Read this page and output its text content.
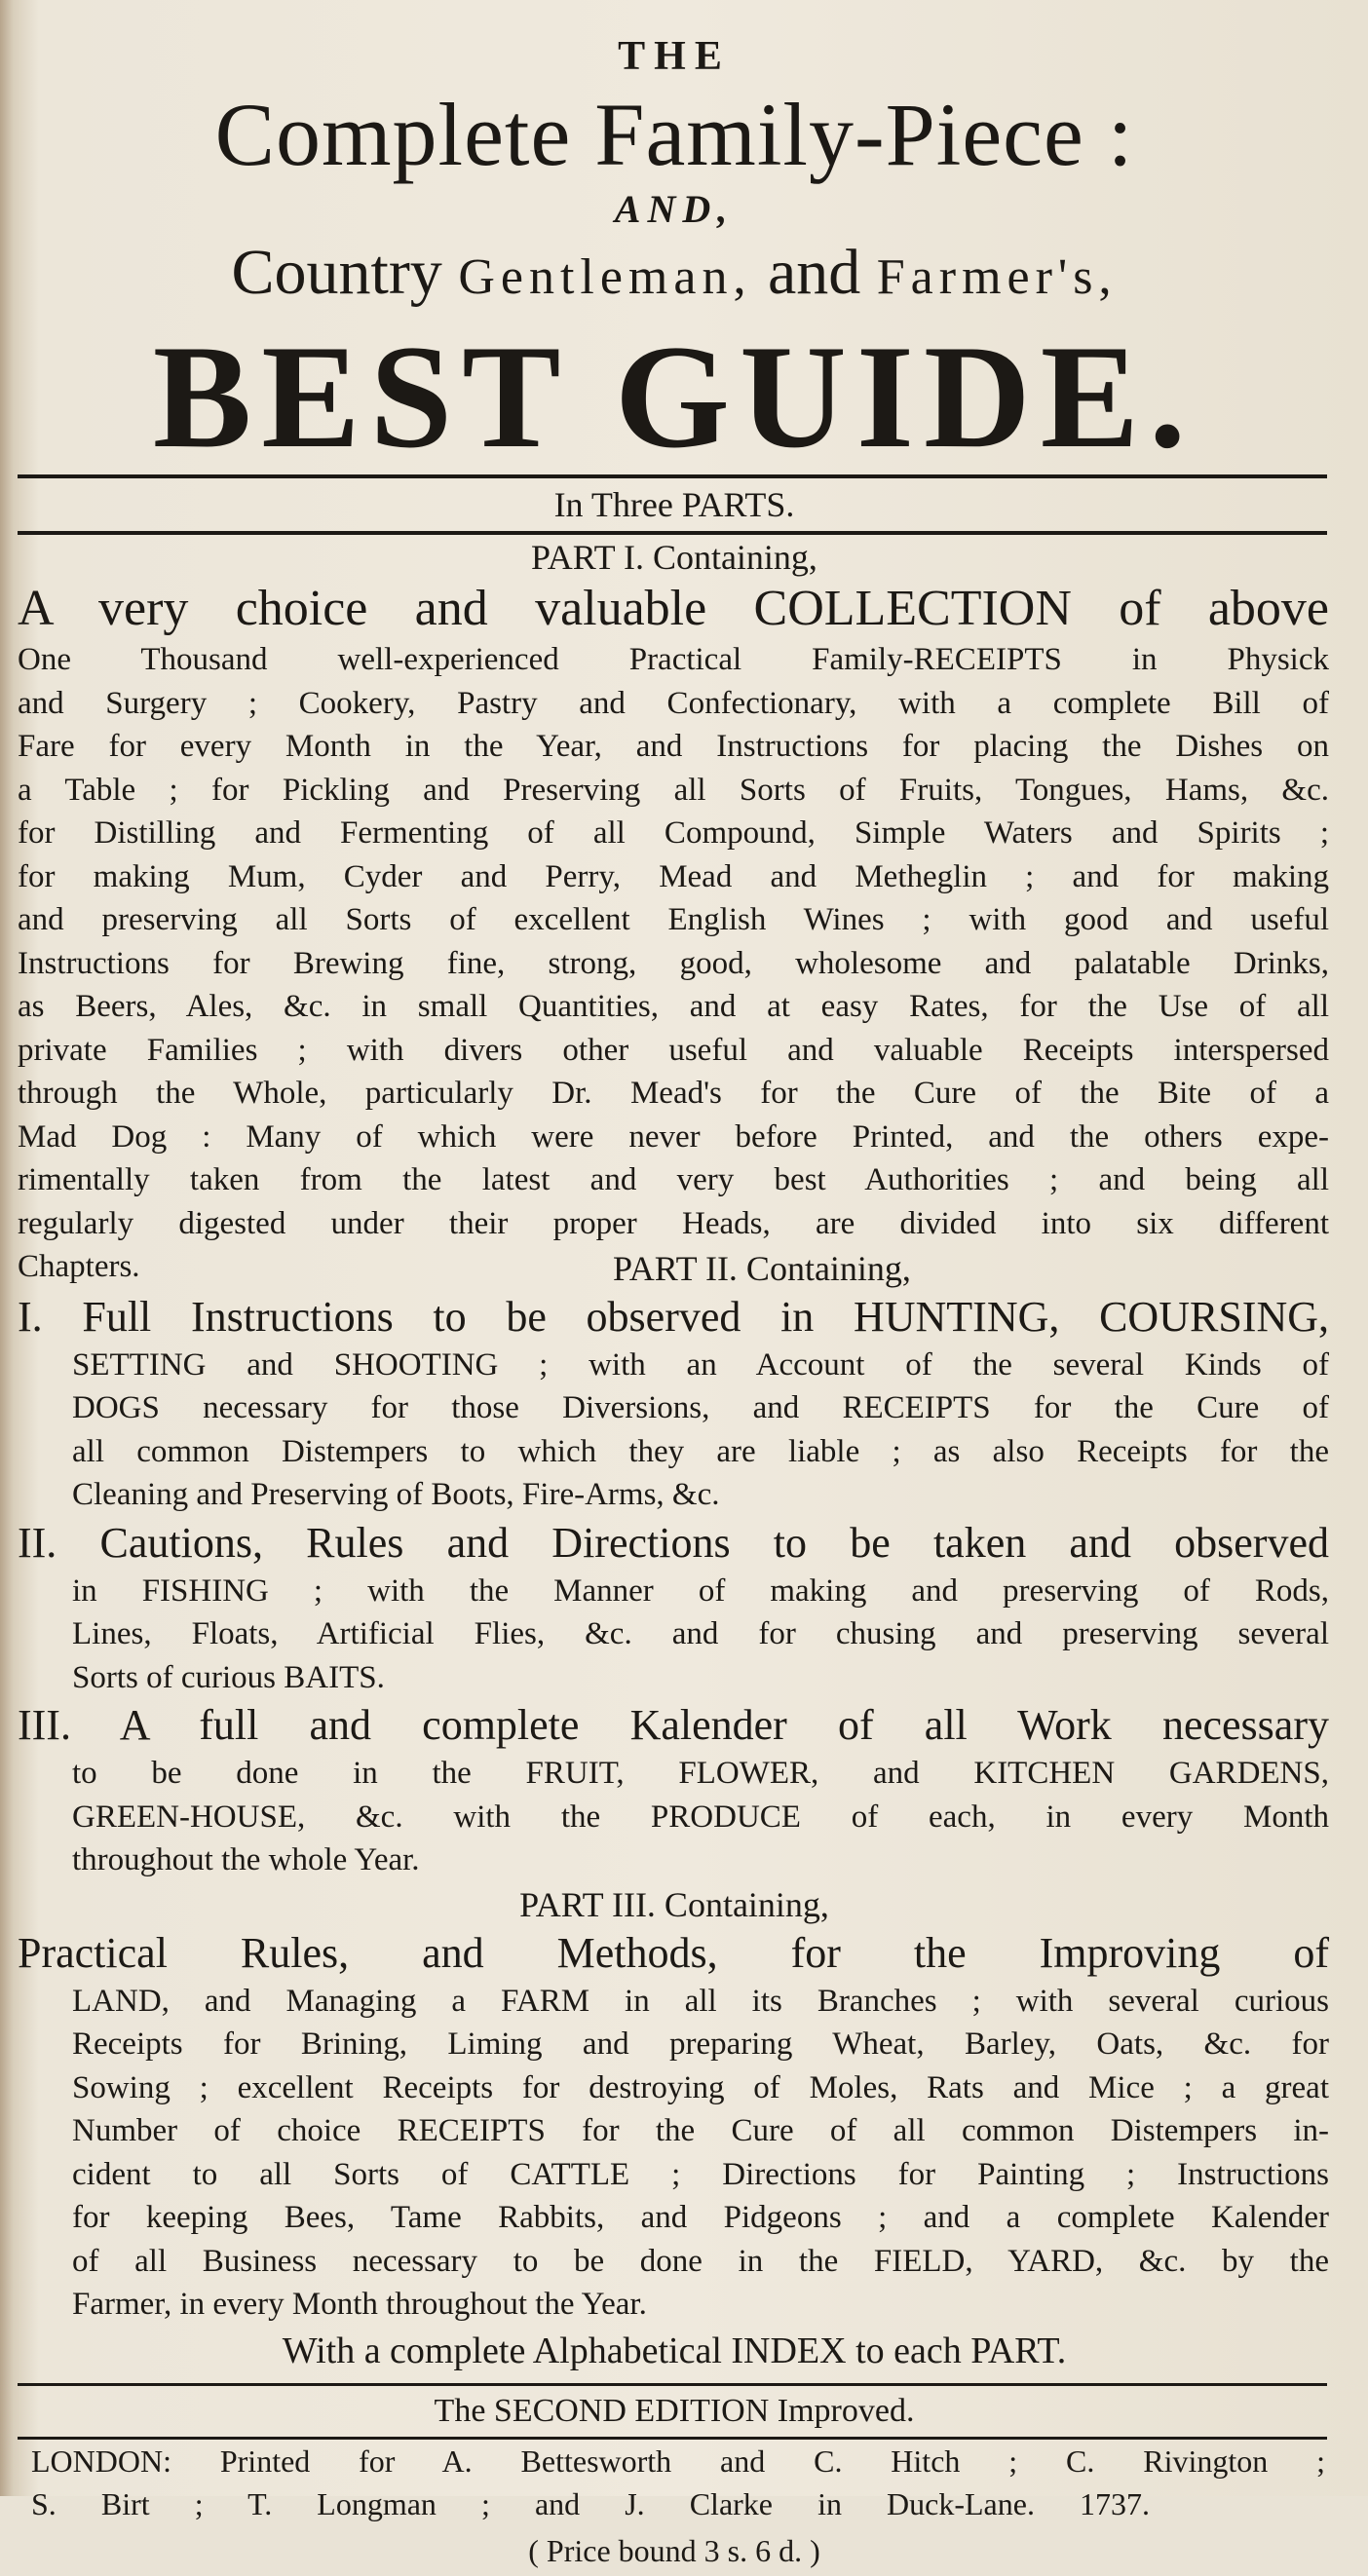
THE
Complete Family-Piece :
AND,
Country Gentleman, and Farmer's,
BEST GUIDE.
In Three PARTS.
PART I. Containing,
A very choice and valuable COLLECTION of above
One Thousand well-experienced Practical Family-RECEIPTS in Physick
and Surgery ; Cookery, Pastry and Confectionary, with a complete Bill of
Fare for every Month in the Year, and Instructions for placing the Dishes on
a Table ; for Pickling and Preserving all Sorts of Fruits, Tongues, Hams, &c.
for Distilling and Fermenting of all Compound, Simple Waters and Spirits ;
for making Mum, Cyder and Perry, Mead and Metheglin ; and for making
and preserving all Sorts of excellent English Wines ; with good and useful
Instructions for Brewing fine, strong, good, wholesome and palatable Drinks,
as Beers, Ales, &c. in small Quantities, and at easy Rates, for the Use of all
private Families ; with divers other useful and valuable Receipts interspersed
through the Whole, particularly Dr. Mead's for the Cure of the Bite of a
Mad Dog : Many of which were never before Printed, and the others expe-
rimentally taken from the latest and very best Authorities ; and being all
regularly digested under their proper Heads, are divided into six different
Chapters.	PART II. Containing,
I. Full Instructions to be observed in HUNTING, COURSING,
SETTING and SHOOTING ; with an Account of the several Kinds of
DOGS necessary for those Diversions, and RECEIPTS for the Cure of
all common Distempers to which they are liable ; as also Receipts for the
Cleaning and Preserving of Boots, Fire-Arms, &c.
II. Cautions, Rules and Directions to be taken and observed
in FISHING ; with the Manner of making and preserving of Rods,
Lines, Floats, Artificial Flies, &c. and for chusing and preserving several
Sorts of curious BAITS.
III. A full and complete Kalender of all Work necessary
to be done in the FRUIT, FLOWER, and KITCHEN GARDENS,
GREEN-HOUSE, &c. with the PRODUCE of each, in every Month
throughout the whole Year.
PART III. Containing,
Practical Rules, and Methods, for the Improving of
LAND, and Managing a FARM in all its Branches ; with several curious
Receipts for Brining, Liming and preparing Wheat, Barley, Oats, &c. for
Sowing ; excellent Receipts for destroying of Moles, Rats and Mice ; a great
Number of choice RECEIPTS for the Cure of all common Distempers in-
cident to all Sorts of CATTLE ; Directions for Painting ; Instructions
for keeping Bees, Tame Rabbits, and Pidgeons ; and a complete Kalender
of all Business necessary to be done in the FIELD, YARD, &c. by the
Farmer, in every Month throughout the Year.
With a complete Alphabetical INDEX to each PART.
The SECOND EDITION Improved.
LONDON: Printed for A. Bettesworth and C. Hitch ; C. Rivington ;
S. Birt ; T. Longman ; and J. Clarke in Duck-Lane. 1737.
( Price bound 3 s. 6 d. )
